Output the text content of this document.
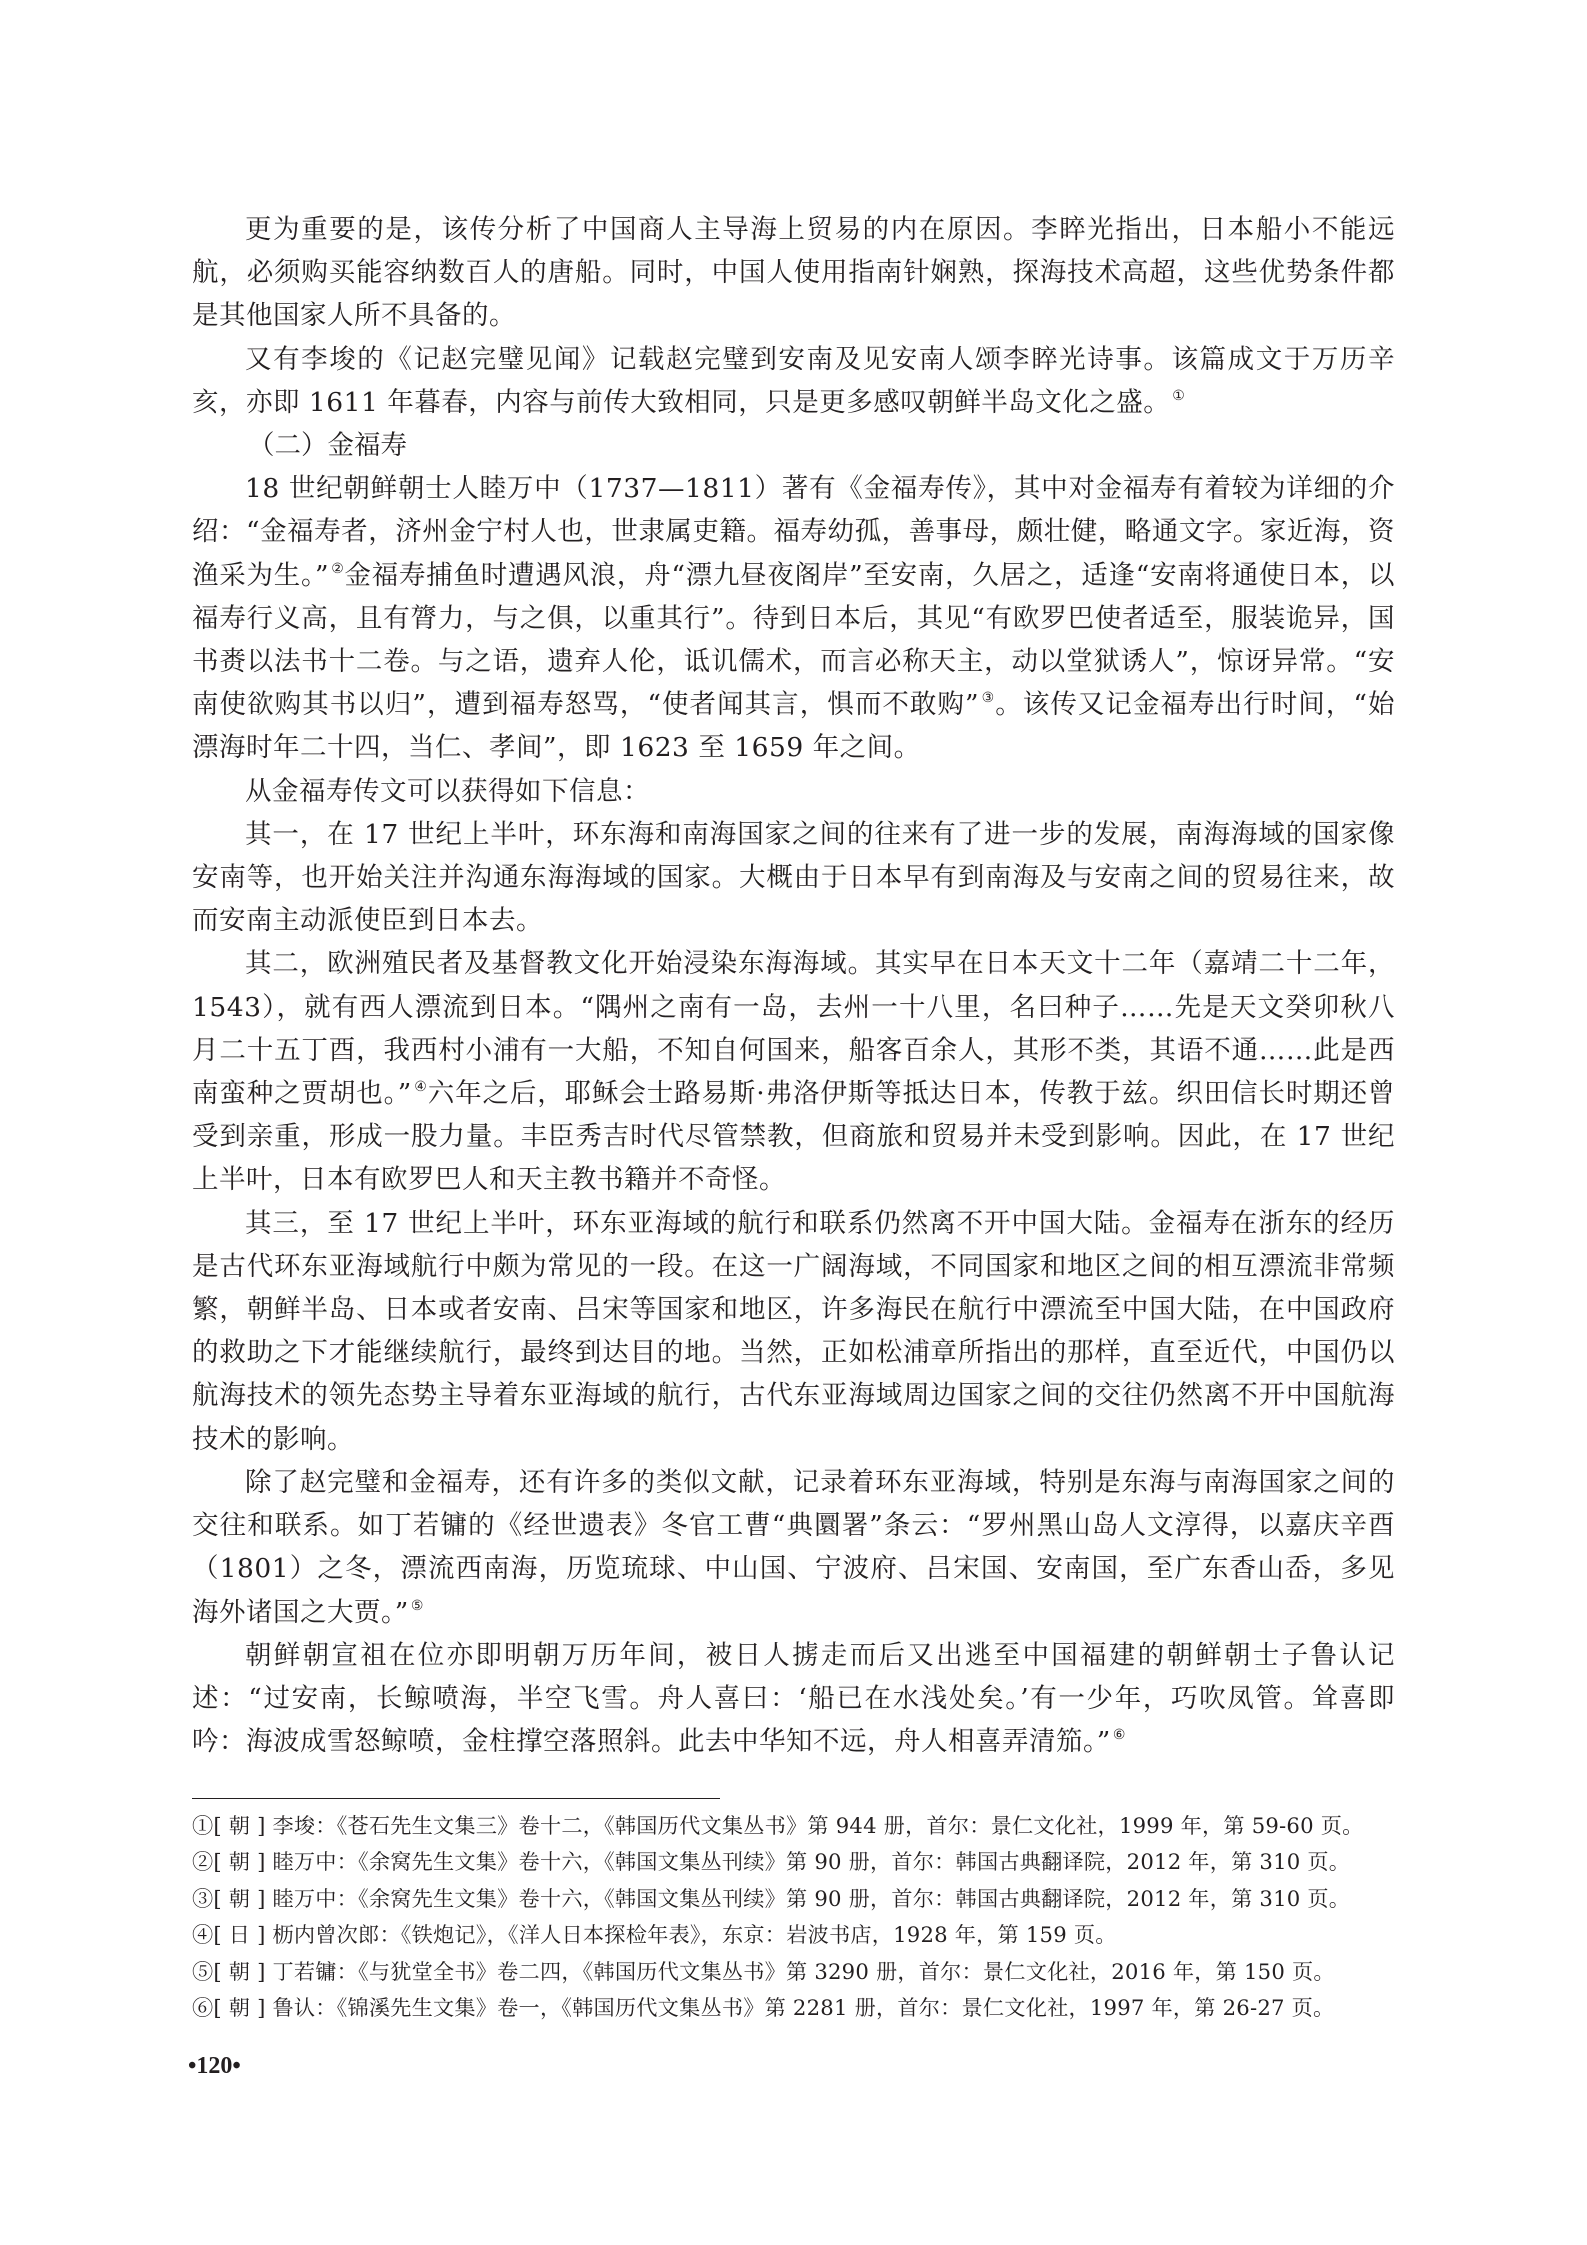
更为重要的是，该传分析了中国商人主导海上贸易的内在原因。李睟光指出，日本船小不能远航，必须购买能容纳数百人的唐船。同时，中国人使用指南针娴熟，探海技术高超，这些优势条件都是其他国家人所不具备的。

又有李埈的《记赵完璧见闻》记载赵完璧到安南及见安南人颂李睟光诗事。该篇成文于万历辛亥，亦即 1611 年暮春，内容与前传大致相同，只是更多感叹朝鲜半岛文化之盛。 ①

（二）金福寿

18 世纪朝鲜朝士人睦万中（1737—1811）著有《金福寿传》，其中对金福寿有着较为详细的介绍：“金福寿者，济州金宁村人也，世隶属吏籍。福寿幼孤，善事母，颇壮健，略通文字。家近海，资渔采为生。” ②金福寿捕鱼时遭遇风浪，舟“漂九昼夜阁岸”至安南，久居之，适逢“安南将通使日本，以福寿行义高，且有膂力，与之俱，以重其行”。待到日本后，其见“有欧罗巴使者适至，服装诡异，国书赉以法书十二卷。与之语，遗弃人伦，诋讥儒术，而言必称天主，动以堂狱诱人”，惊讶异常。“安南使欲购其书以归”，遭到福寿怒骂，“使者闻其言，惧而不敢购” ③。该传又记金福寿出行时间，“始漂海时年二十四，当仁、孝间”，即 1623 至 1659 年之间。

从金福寿传文可以获得如下信息：

其一，在 17 世纪上半叶，环东海和南海国家之间的往来有了进一步的发展，南海海域的国家像安南等，也开始关注并沟通东海海域的国家。大概由于日本早有到南海及与安南之间的贸易往来，故而安南主动派使臣到日本去。

其二，欧洲殖民者及基督教文化开始浸染东海海域。其实早在日本天文十二年（嘉靖二十二年，1543），就有西人漂流到日本。“隅州之南有一岛，去州一十八里，名曰种子……先是天文癸卯秋八月二十五丁酉，我西村小浦有一大船，不知自何国来，船客百余人，其形不类，其语不通……此是西南蛮种之贾胡也。” ④六年之后，耶稣会士路易斯·弗洛伊斯等抵达日本，传教于兹。织田信长时期还曾受到亲重，形成一股力量。丰臣秀吉时代尽管禁教，但商旅和贸易并未受到影响。因此，在 17 世纪上半叶，日本有欧罗巴人和天主教书籍并不奇怪。

其三，至 17 世纪上半叶，环东亚海域的航行和联系仍然离不开中国大陆。金福寿在浙东的经历是古代环东亚海域航行中颇为常见的一段。在这一广阔海域，不同国家和地区之间的相互漂流非常频繁，朝鲜半岛、日本或者安南、吕宋等国家和地区，许多海民在航行中漂流至中国大陆，在中国政府的救助之下才能继续航行，最终到达目的地。当然，正如松浦章所指出的那样，直至近代，中国仍以航海技术的领先态势主导着东亚海域的航行，古代东亚海域周边国家之间的交往仍然离不开中国航海技术的影响。

除了赵完璧和金福寿，还有许多的类似文献，记录着环东亚海域，特别是东海与南海国家之间的交往和联系。如丁若镛的《经世遗表》冬官工曹“典圜署”条云：“罗州黑山岛人文淳得，以嘉庆辛酉（1801）之冬，漂流西南海，历览琉球、中山国、宁波府、吕宋国、安南国，至广东香山岙，多见海外诸国之大贾。” ⑤

朝鲜朝宣祖在位亦即明朝万历年间，被日人掳走而后又出逃至中国福建的朝鲜朝士子鲁认记述：“过安南，长鲸喷海，半空飞雪。舟人喜曰：‘船已在水浅处矣。’有一少年，巧吹凤管。耸喜即吟：海波成雪怒鲸喷，金柱撑空落照斜。此去中华知不远，舟人相喜弄清笳。” ⑥

①[ 朝 ] 李埈：《苍石先生文集三》卷十二，《韩国历代文集丛书》第 944 册，首尔：景仁文化社，1999 年，第 59-60 页。

②[ 朝 ] 睦万中：《余窝先生文集》卷十六，《韩国文集丛刊续》第 90 册，首尔：韩国古典翻译院，2012 年，第 310 页。

③[ 朝 ] 睦万中：《余窝先生文集》卷十六，《韩国文集丛刊续》第 90 册，首尔：韩国古典翻译院，2012 年，第 310 页。

④[ 日 ] 枥内曾次郎：《铁炮记》，《洋人日本探检年表》，东京：岩波书店，1928 年，第 159 页。

⑤[ 朝 ] 丁若镛：《与犹堂全书》卷二四，《韩国历代文集丛书》第 3290 册，首尔：景仁文化社，2016 年，第 150 页。

⑥[ 朝 ] 鲁认：《锦溪先生文集》卷一，《韩国历代文集丛书》第 2281 册，首尔：景仁文化社，1997 年，第 26-27 页。

•120•
